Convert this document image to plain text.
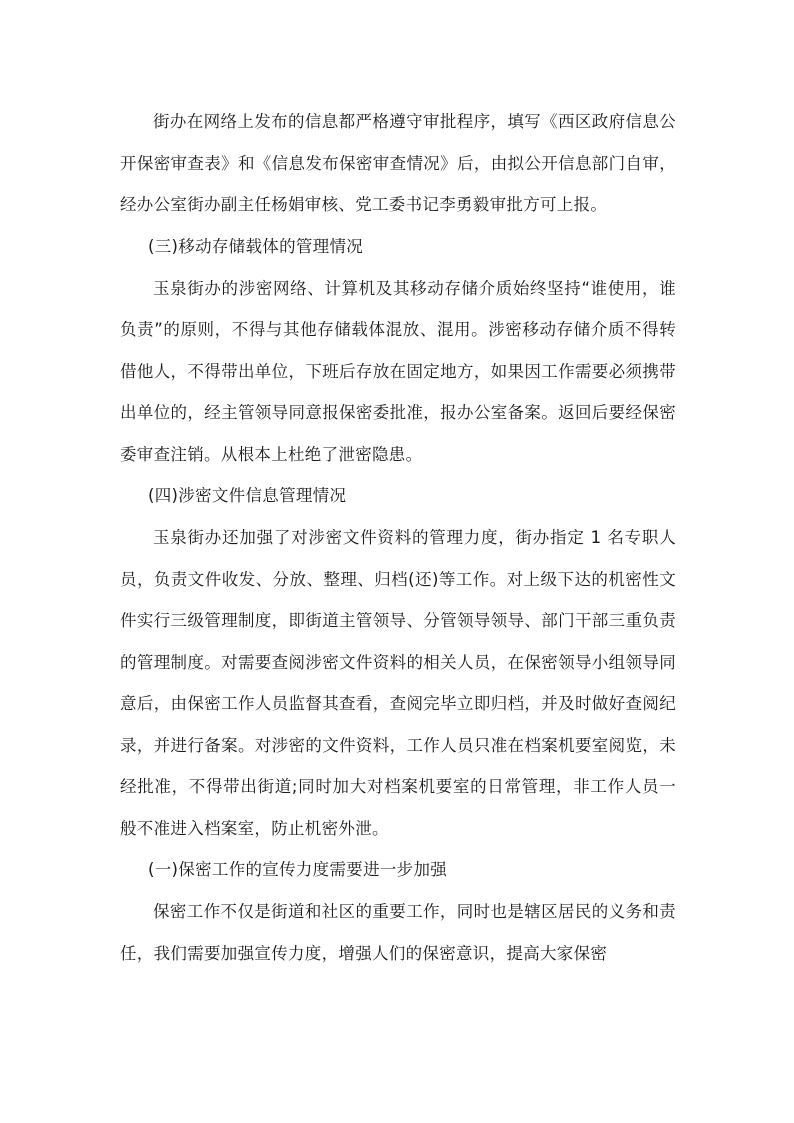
街办在网络上发布的信息都严格遵守审批程序，填写《西区政府信息公开保密审查表》和《信息发布保密审查情况》后，由拟公开信息部门自审，经办公室街办副主任杨娟审核、党工委书记李勇毅审批方可上报。

(三)移动存储载体的管理情况

玉泉街办的涉密网络、计算机及其移动存储介质始终坚持“谁使用，谁负责”的原则，不得与其他存储载体混放、混用。涉密移动存储介质不得转借他人，不得带出单位，下班后存放在固定地方，如果因工作需要必须携带出单位的，经主管领导同意报保密委批准，报办公室备案。返回后要经保密委审查注销。从根本上杜绝了泄密隐患。

(四)涉密文件信息管理情况

玉泉街办还加强了对涉密文件资料的管理力度，街办指定 1 名专职人员，负责文件收发、分放、整理、归档(还)等工作。对上级下达的机密性文件实行三级管理制度，即街道主管领导、分管领导领导、部门干部三重负责的管理制度。对需要查阅涉密文件资料的相关人员，在保密领导小组领导同意后，由保密工作人员监督其查看，查阅完毕立即归档，并及时做好查阅纪录，并进行备案。对涉密的文件资料，工作人员只准在档案机要室阅览，未经批准，不得带出街道;同时加大对档案机要室的日常管理，非工作人员一般不准进入档案室，防止机密外泄。

(一)保密工作的宣传力度需要进一步加强

保密工作不仅是街道和社区的重要工作，同时也是辖区居民的义务和责任，我们需要加强宣传力度，增强人们的保密意识，提高大家保密
